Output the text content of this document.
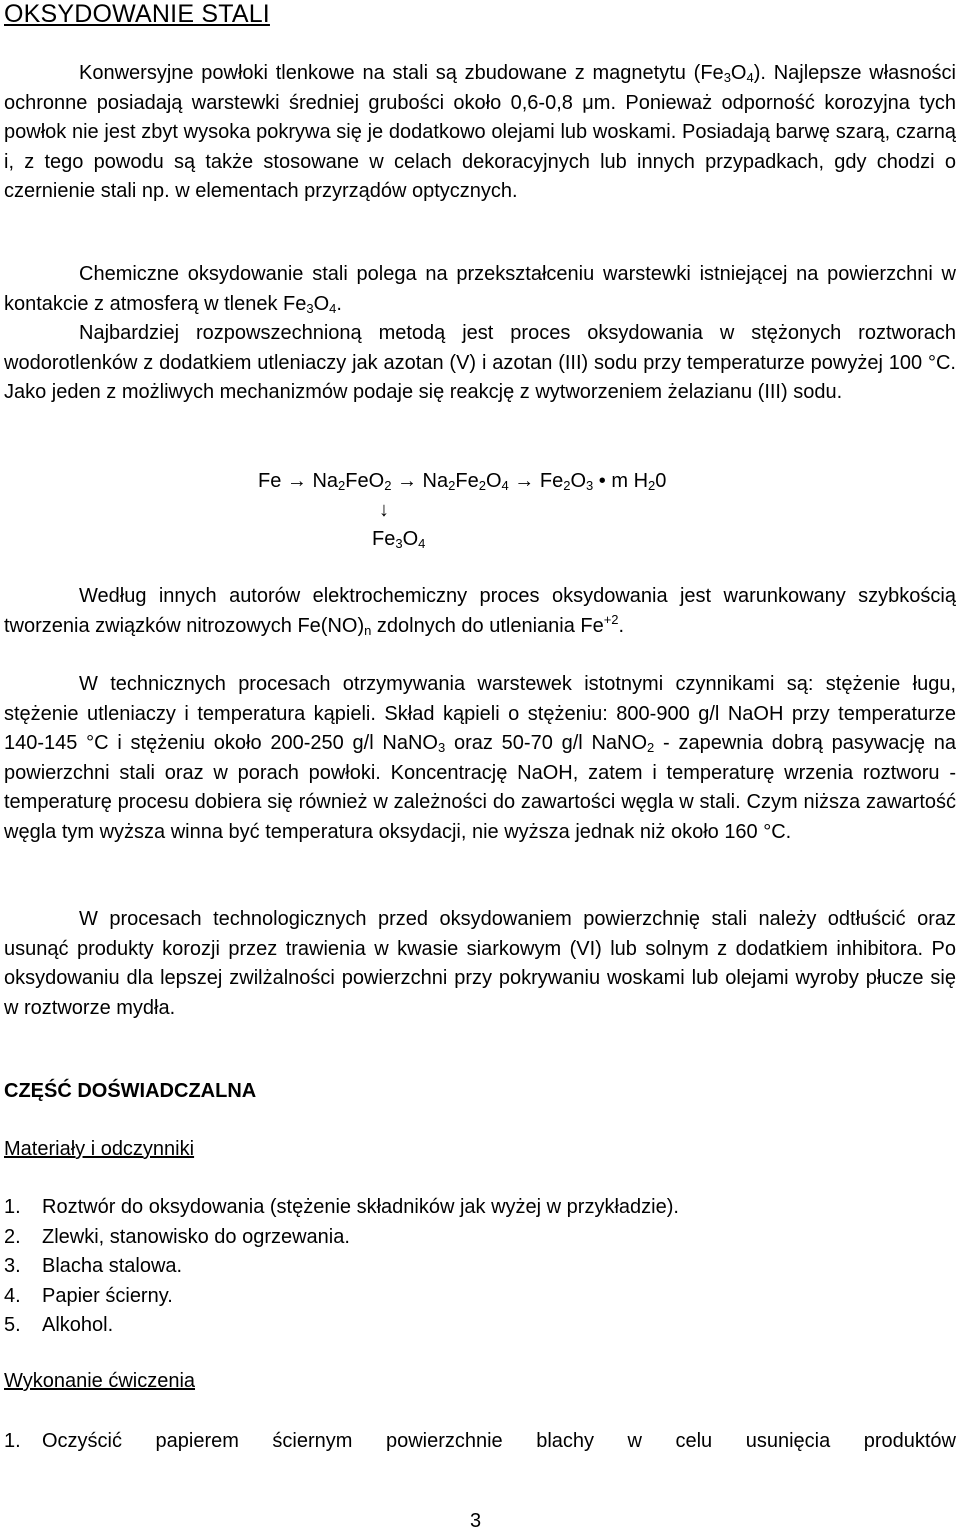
OKSYDOWANIE STALI

Konwersyjne powłoki tlenkowe na stali są zbudowane z magnetytu $(Fe_3O_4)$. Najlepsze własności ochronne posiadają warstewki średniej grubości około 0,6-0,8 μm. Ponieważ odporność korozyjna tych powłok nie jest zbyt wysoka pokrywa się je dodatkowo olejami lub woskami. Posiadają barwę szarą, czarną i, z tego powodu są także stosowane w celach dekoracyjnych lub innych przypadkach, gdy chodzi o czernienie stali np. w elementach przyrządów optycznych.

Chemiczne oksydowanie stali polega na przekształceniu warstewki istniejącej na powierzchni w kontakcie z atmosferą w tlenek $Fe_3O_4$.

Najbardziej rozpowszechnioną metodą jest proces oksydowania w stężonych roztworach wodorotlenków z dodatkiem utleniaczy jak azotan (V) i azotan (III) sodu przy temperaturze powyżej 100 °C. Jako jeden z możliwych mechanizmów podaje się reakcję z wytworzeniem żelazianu (III) sodu.

$Fe \to Na_2FeO_2 \to Na_2Fe_2O_4 \to Fe_2O_3$ • m $H_20$
↓
$Fe_3O_4$

Według innych autorów elektrochemiczny proces oksydowania jest warunkowany szybkością tworzenia związków nitrozowych $Fe(NO)_n$ zdolnych do utleniania $Fe^{+2}$.

W technicznych procesach otrzymywania warstewek istotnymi czynnikami są: stężenie ługu, stężenie utleniaczy i temperatura kąpieli. Skład kąpieli o stężeniu: 800-900 g/l NaOH przy temperaturze 140-145 °C i stężeniu około 200-250 g/l NaNO$_3$ oraz 50-70 g/l NaNO$_2$ - zapewnia dobrą pasywację na powierzchni stali oraz w porach powłoki. Koncentrację NaOH, zatem i temperaturę wrzenia roztworu - temperaturę procesu dobiera się również w zależności do zawartości węgla w stali. Czym niższa zawartość węgla tym wyższa winna być temperatura oksydacji, nie wyższa jednak niż około 160 °C.

W procesach technologicznych przed oksydowaniem powierzchnię stali należy odtłuścić oraz usunąć produkty korozji przez trawienia w kwasie siarkowym (VI) lub solnym z dodatkiem inhibitora. Po oksydowaniu dla lepszej zwilżalności powierzchni przy pokrywaniu woskami lub olejami wyroby płucze się w roztworze mydła.

CZĘŚĆ DOŚWIADCZALNA
Materiały i odczynniki
1. Roztwór do oksydowania (stężenie składników jak wyżej w przykładzie).
2. Zlewki, stanowisko do ogrzewania.
3. Blacha stalowa.
4. Papier ścierny.
5. Alkohol.
Wykonanie ćwiczenia
1. Oczyścić papierem ściernym powierzchnie blachy w celu usunięcia produktów
3
